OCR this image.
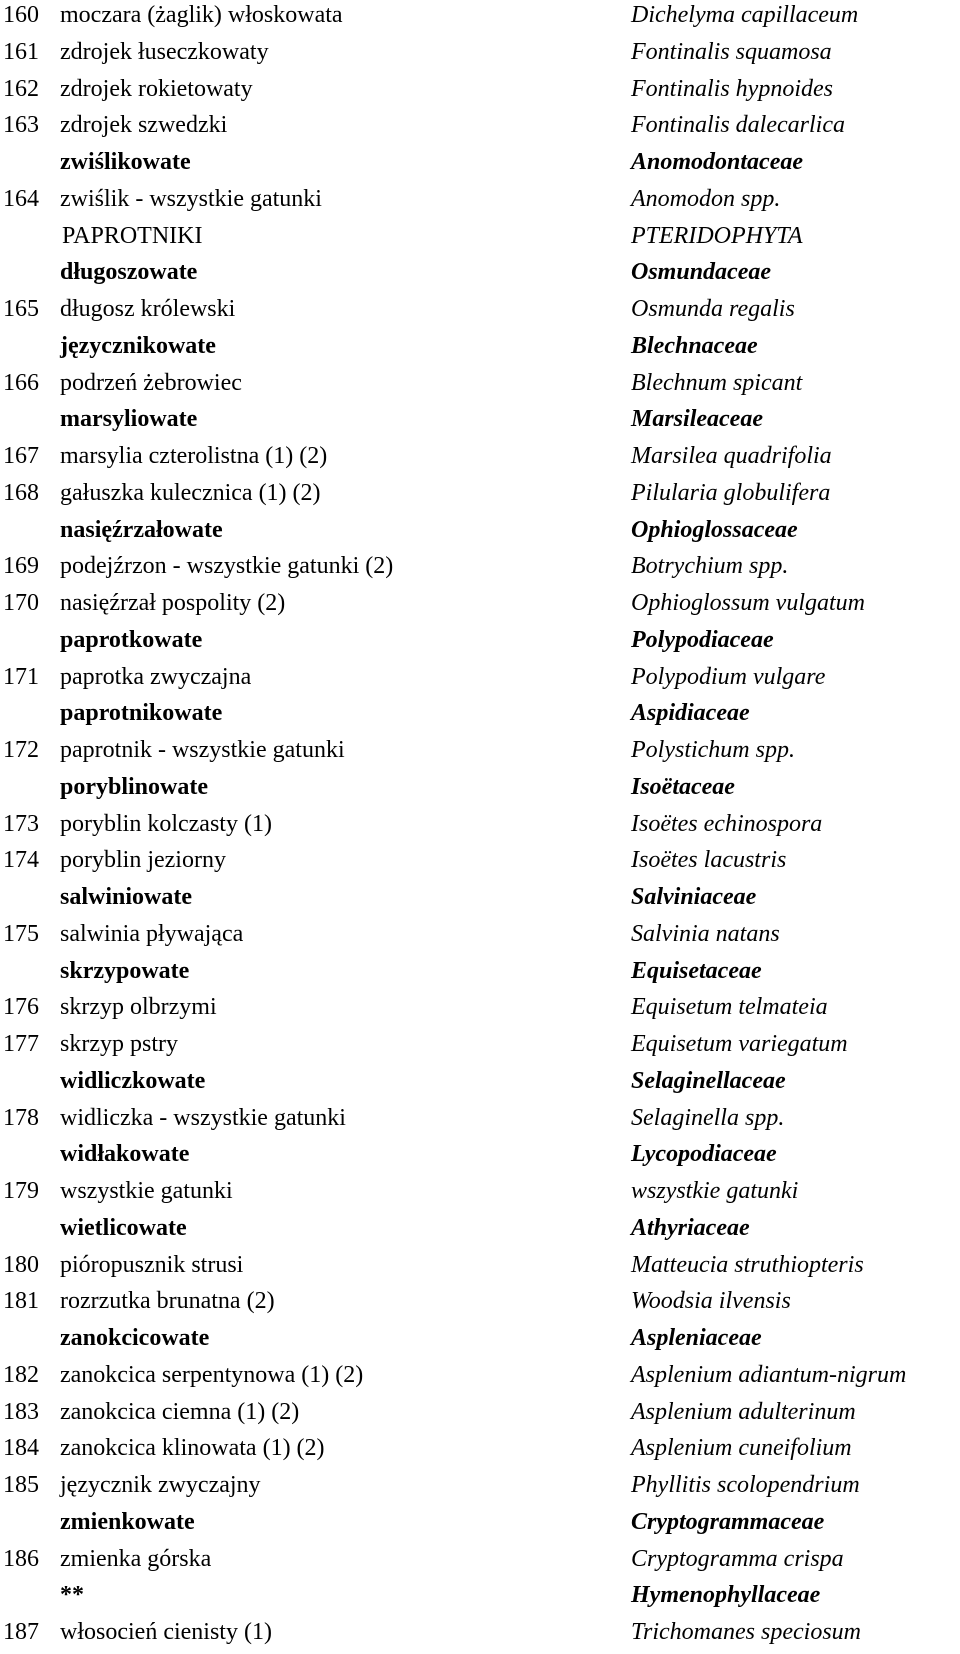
160 moczara (żaglik) włoskowata	Dichelyma capillaceum
161 zdrojek łuseczkowaty	Fontinalis squamosa
162 zdrojek rokietowaty	Fontinalis hypnoides
163 zdrojek szwedzki	Fontinalis dalecarlica
zwiślikowate	Anomodontaceae
164 zwiślik - wszystkie gatunki	Anomodon spp.
PAPROTNIKI	PTERIDOPHYTA
długoszowate	Osmundaceae
165 długosz królewski	Osmunda regalis
języcznikowate	Blechnaceae
166 podrzeń żebrowiec	Blechnum spicant
marsyliowate	Marsileaceae
167 marsylia czterolistna (1) (2)	Marsilea quadrifolia
168 gałuszka kulecznica (1) (2)	Pilularia globulifera
nasięźrzałowate	Ophioglossaceae
169 podejźrzon - wszystkie gatunki (2)	Botrychium spp.
170 nasięźrzał pospolity (2)	Ophioglossum vulgatum
paprotkowate	Polypodiaceae
171 paprotka zwyczajna	Polypodium vulgare
paprotnikowate	Aspidiaceae
172 paprotnik - wszystkie gatunki	Polystichum spp.
poryblinowate	Isoëtaceae
173 poryblin kolczasty (1)	Isoëtes echinospora
174 poryblin jeziorny	Isoëtes lacustris
salwiniowate	Salviniaceae
175 salwinia pływająca	Salvinia natans
skrzypowate	Equisetaceae
176 skrzyp olbrzymi	Equisetum telmateia
177 skrzyp pstry	Equisetum variegatum
widliczkowate	Selaginellaceae
178 widliczka - wszystkie gatunki	Selaginella spp.
widłakowate	Lycopodiaceae
179 wszystkie gatunki	wszystkie gatunki
wietlicowate	Athyriaceae
180 pióropusznik strusi	Matteucia struthiopteris
181 rozrzutka brunatna (2)	Woodsia ilvensis
zanokcicowate	Aspleniaceae
182 zanokcica serpentynowa (1) (2)	Asplenium adiantum-nigrum
183 zanokcica ciemna (1) (2)	Asplenium adulterinum
184 zanokcica klinowata (1) (2)	Asplenium cuneifolium
185 języcznik zwyczajny	Phyllitis scolopendrium
zmienkowate	Cryptogrammaceae
186 zmienka górska	Cryptogramma crispa
**	Hymenophyllaceae
187 włosocień cienisty (1)	Trichomanes speciosum
